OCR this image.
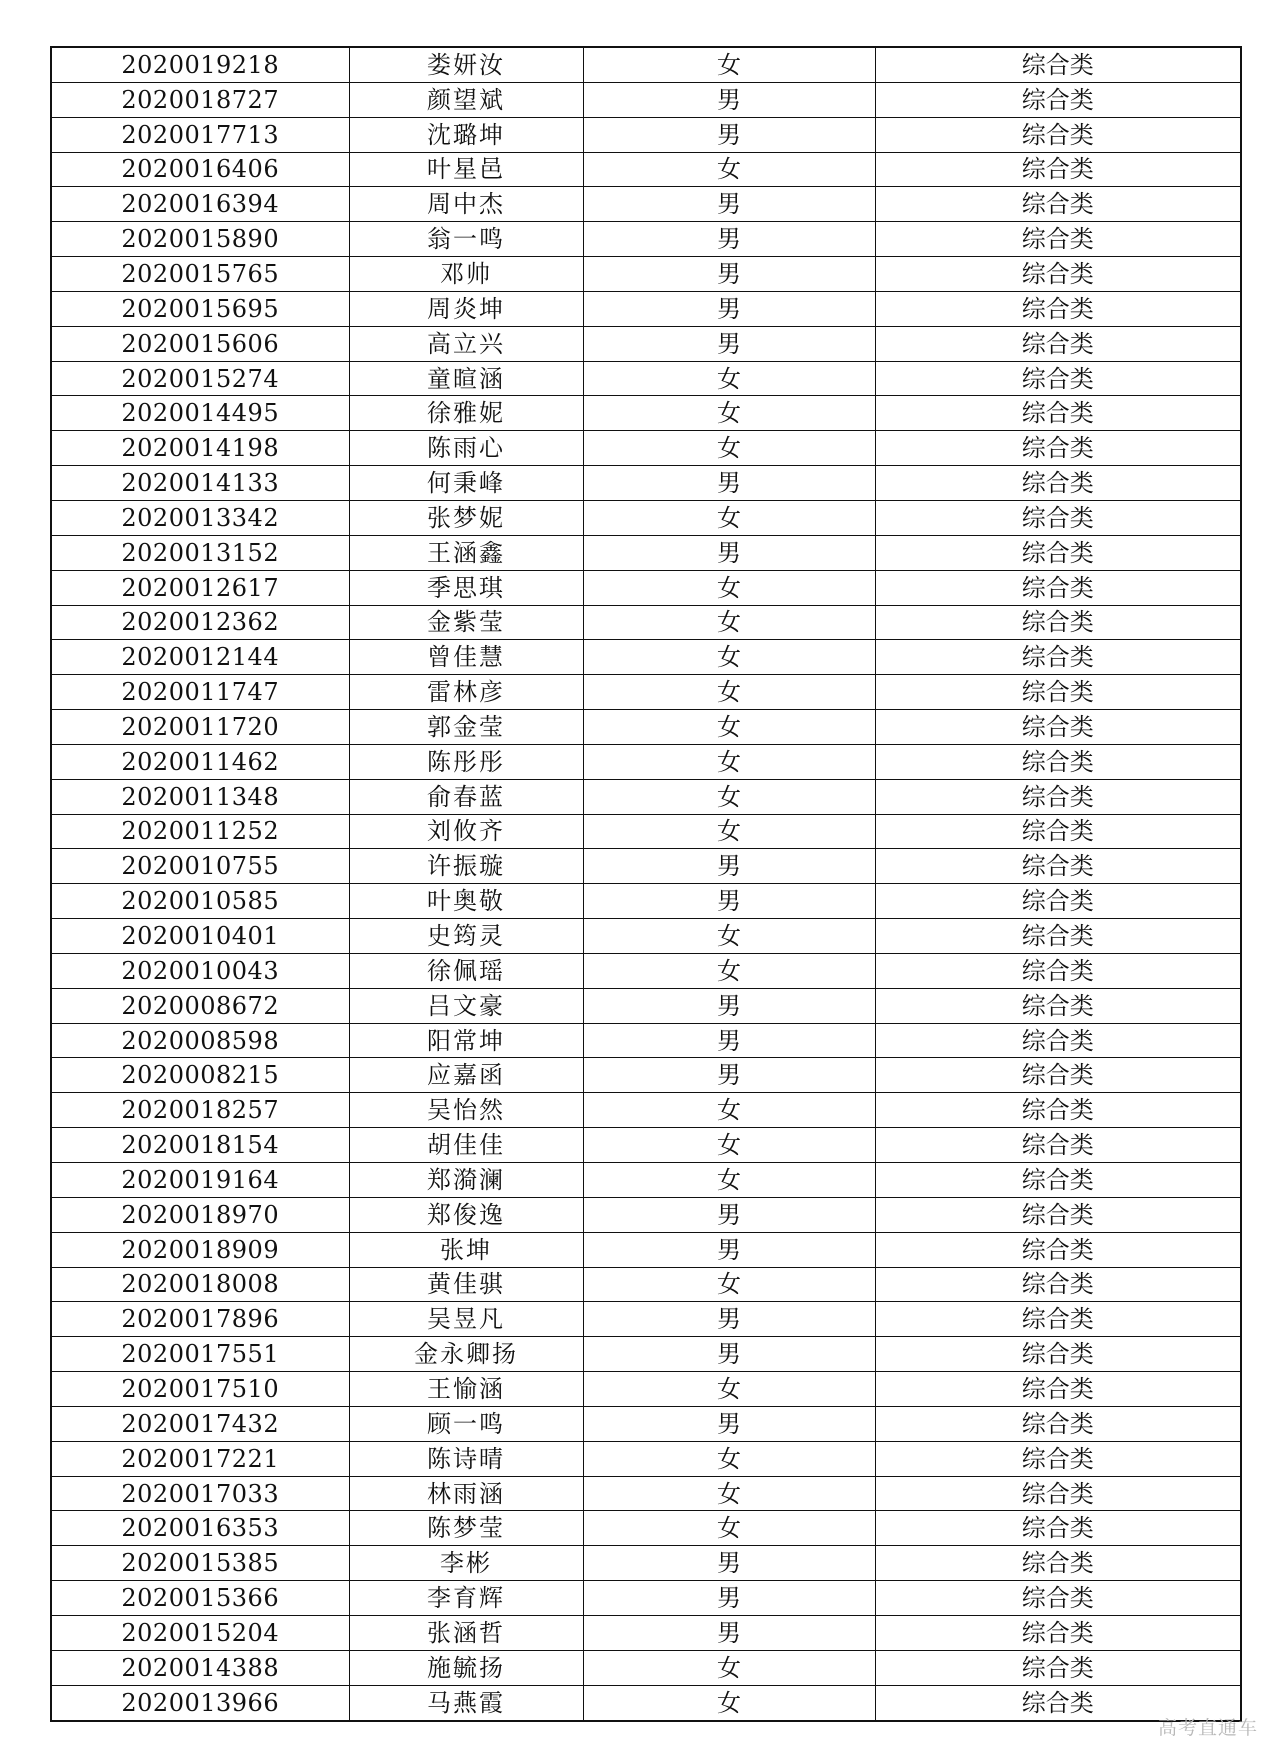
2020019218	娄妍汝	女	综合类
2020018727	颜望斌	男	综合类
2020017713	沈璐坤	男	综合类
2020016406	叶星邑	女	综合类
2020016394	周中杰	男	综合类
2020015890	翁一鸣	男	综合类
2020015765	邓帅	男	综合类
2020015695	周炎坤	男	综合类
2020015606	高立兴	男	综合类
2020015274	童暄涵	女	综合类
2020014495	徐雅妮	女	综合类
2020014198	陈雨心	女	综合类
2020014133	何秉峰	男	综合类
2020013342	张梦妮	女	综合类
2020013152	王涵鑫	男	综合类
2020012617	季思琪	女	综合类
2020012362	金紫莹	女	综合类
2020012144	曾佳慧	女	综合类
2020011747	雷林彦	女	综合类
2020011720	郭金莹	女	综合类
2020011462	陈彤彤	女	综合类
2020011348	俞春蓝	女	综合类
2020011252	刘攸齐	女	综合类
2020010755	许振璇	男	综合类
2020010585	叶奥敬	男	综合类
2020010401	史筠灵	女	综合类
2020010043	徐佩瑶	女	综合类
2020008672	吕文豪	男	综合类
2020008598	阳常坤	男	综合类
2020008215	应嘉函	男	综合类
2020018257	吴怡然	女	综合类
2020018154	胡佳佳	女	综合类
2020019164	郑漪澜	女	综合类
2020018970	郑俊逸	男	综合类
2020018909	张坤	男	综合类
2020018008	黄佳骐	女	综合类
2020017896	吴昱凡	男	综合类
2020017551	金永卿扬	男	综合类
2020017510	王愉涵	女	综合类
2020017432	顾一鸣	男	综合类
2020017221	陈诗晴	女	综合类
2020017033	林雨涵	女	综合类
2020016353	陈梦莹	女	综合类
2020015385	李彬	男	综合类
2020015366	李育辉	男	综合类
2020015204	张涵哲	男	综合类
2020014388	施毓扬	女	综合类
2020013966	马燕霞	女	综合类
高考直通车
